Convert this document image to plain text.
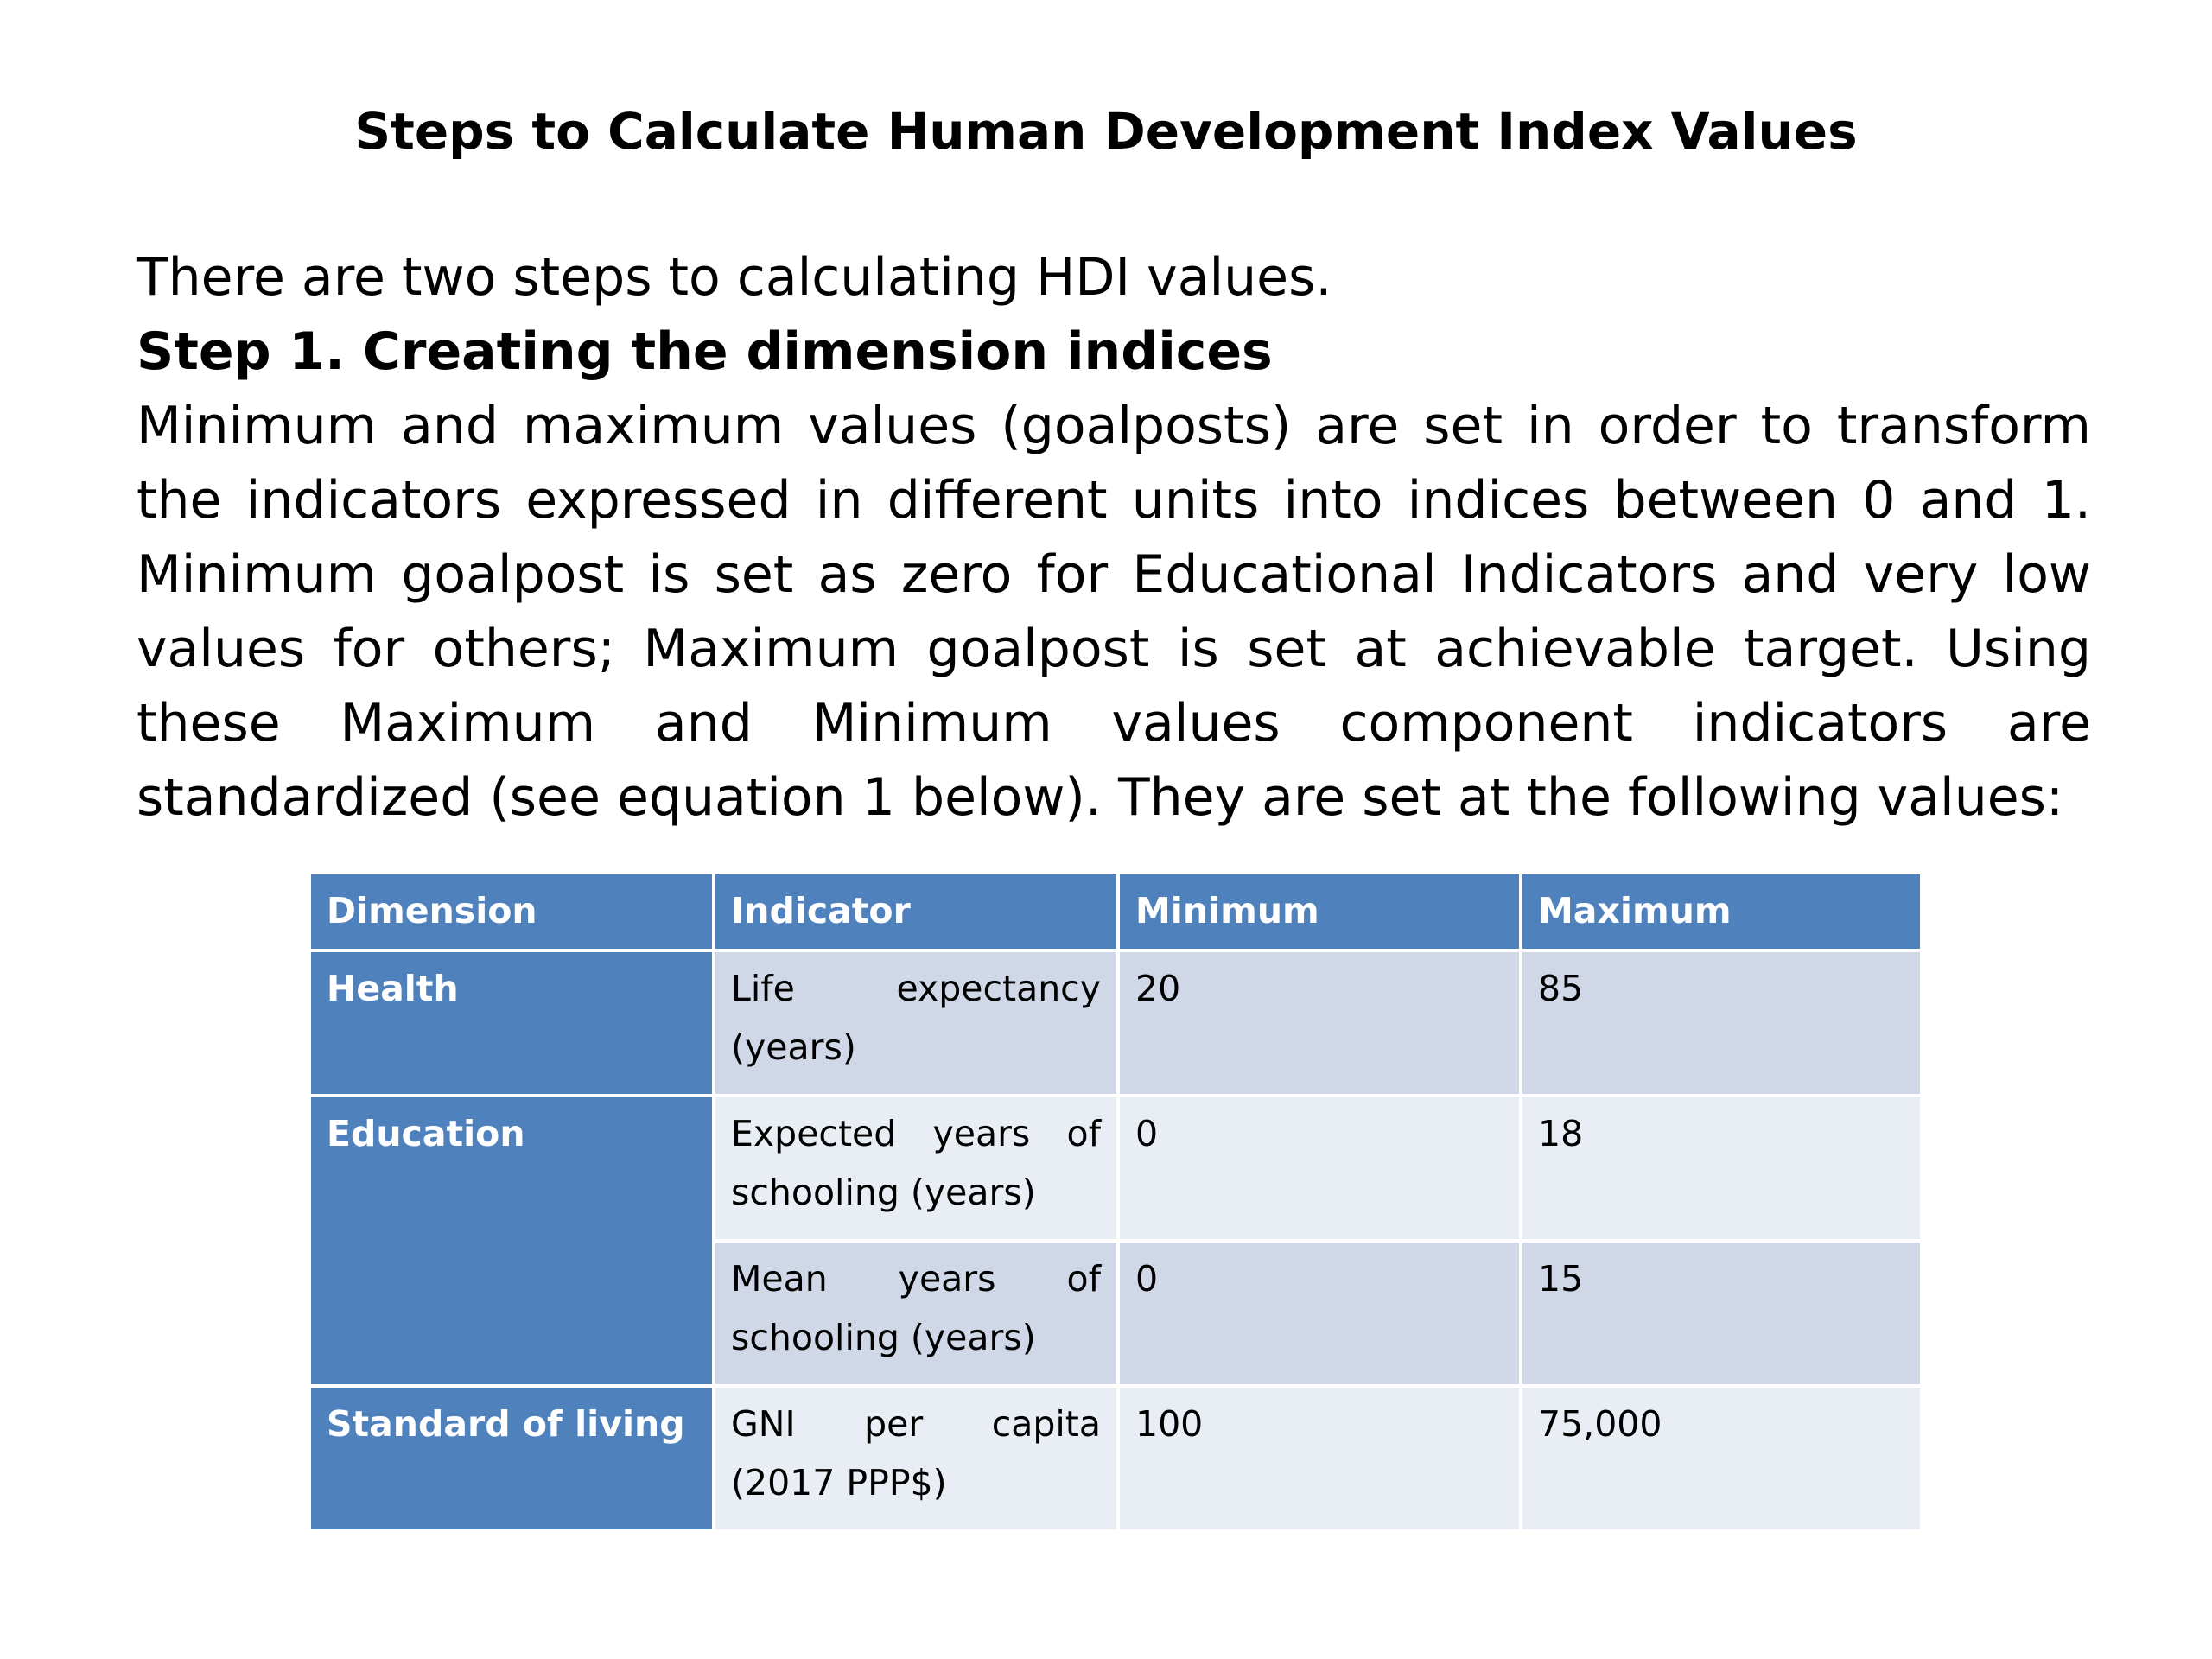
Steps to Calculate Human Development Index Values
There are two steps to calculating HDI values.
Step 1. Creating the dimension indices
Minimum and maximum values (goalposts) are set in order to transform the indicators expressed in different units into indices between 0 and 1. Minimum goalpost is set as zero for Educational Indicators and very low values for others; Maximum goalpost is set at achievable target. Using these Maximum and Minimum values component indicators are standardized (see equation 1 below). They are set at the following values:
Dimension	Indicator	Minimum	Maximum
Health	Life expectancy (years)	20	85
Education	Expected years of schooling (years)	0	18
	Mean years of schooling (years)	0	15
Standard of living	GNI per capita (2017 PPP$)	100	75,000
